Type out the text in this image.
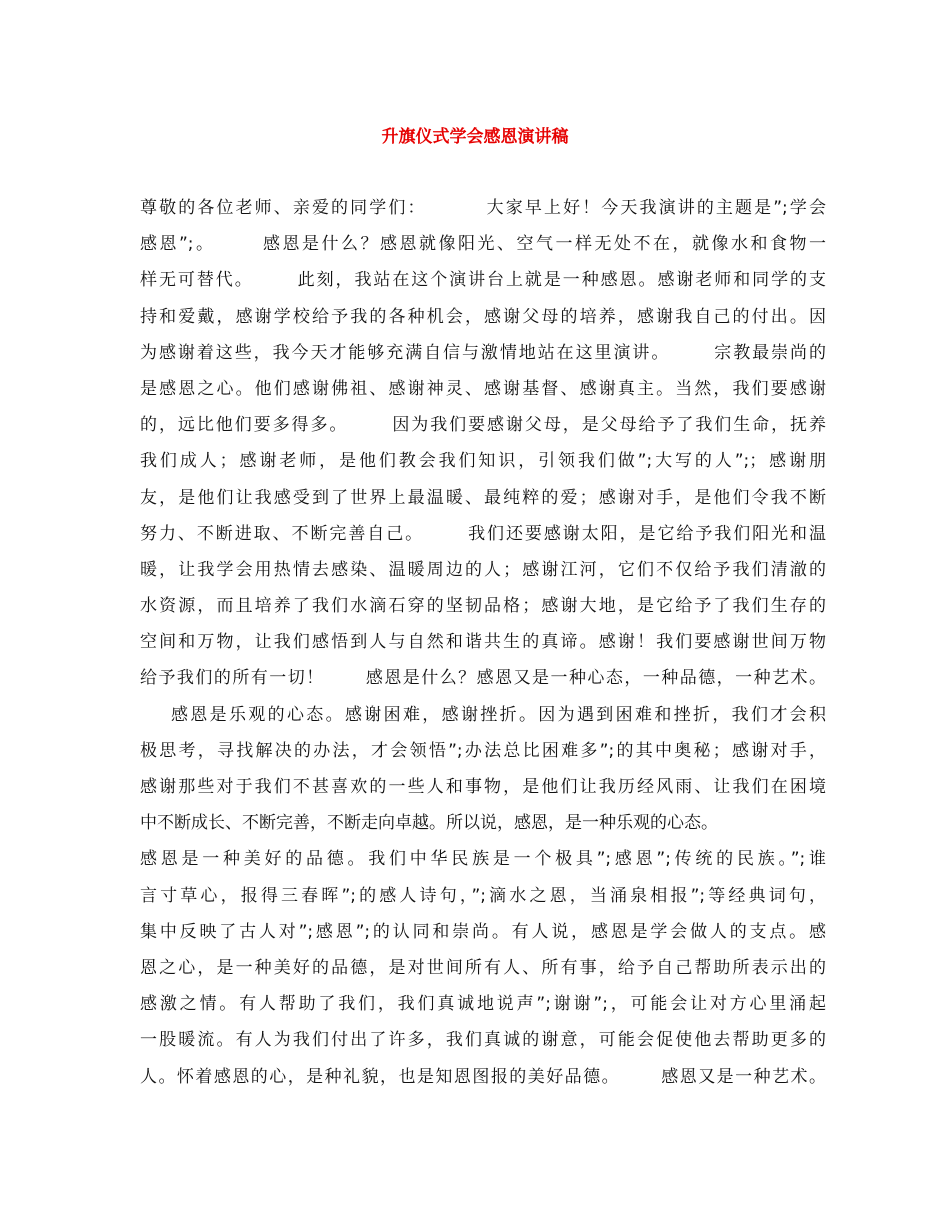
升旗仪式学会感恩演讲稿
尊敬的各位老师、亲爱的同学们：        大家早上好！今天我演讲的主题是”;学会
感恩”;。      感恩是什么？感恩就像阳光、空气一样无处不在，就像水和食物一
样无可替代。      此刻，我站在这个演讲台上就是一种感恩。感谢老师和同学的支
持和爱戴，感谢学校给予我的各种机会，感谢父母的培养，感谢我自己的付出。因
为感谢着这些，我今天才能够充满自信与激情地站在这里演讲。      宗教最崇尚的
是感恩之心。他们感谢佛祖、感谢神灵、感谢基督、感谢真主。当然，我们要感谢
的，远比他们要多得多。      因为我们要感谢父母，是父母给予了我们生命，抚养
我们成人；感谢老师，是他们教会我们知识，引领我们做”;大写的人”;；感谢朋
友，是他们让我感受到了世界上最温暖、最纯粹的爱；感谢对手，是他们令我不断
努力、不断进取、不断完善自己。      我们还要感谢太阳，是它给予我们阳光和温
暖，让我学会用热情去感染、温暖周边的人；感谢江河，它们不仅给予我们清澈的
水资源，而且培养了我们水滴石穿的坚韧品格；感谢大地，是它给予了我们生存的
空间和万物，让我们感悟到人与自然和谐共生的真谛。感谢！我们要感谢世间万物
给予我们的所有一切！      感恩是什么？感恩又是一种心态，一种品德，一种艺术。
感恩是乐观的心态。感谢困难，感谢挫折。因为遇到困难和挫折，我们才会积
极思考，寻找解决的办法，才会领悟”;办法总比困难多”;的其中奥秘；感谢对手，
感谢那些对于我们不甚喜欢的一些人和事物，是他们让我历经风雨、让我们在困境
中不断成长、不断完善，不断走向卓越。所以说，感恩，是一种乐观的心态。
感恩是一种美好的品德。我们中华民族是一个极具”;感恩”;传统的民族。”;谁
言寸草心，报得三春晖”;的感人诗句，”;滴水之恩，当涌泉相报”;等经典词句，
集中反映了古人对”;感恩”;的认同和崇尚。有人说，感恩是学会做人的支点。感
恩之心，是一种美好的品德，是对世间所有人、所有事，给予自己帮助所表示出的
感激之情。有人帮助了我们，我们真诚地说声”;谢谢”;，可能会让对方心里涌起
一股暖流。有人为我们付出了许多，我们真诚的谢意，可能会促使他去帮助更多的
人。怀着感恩的心，是种礼貌，也是知恩图报的美好品德。      感恩又是一种艺术。
